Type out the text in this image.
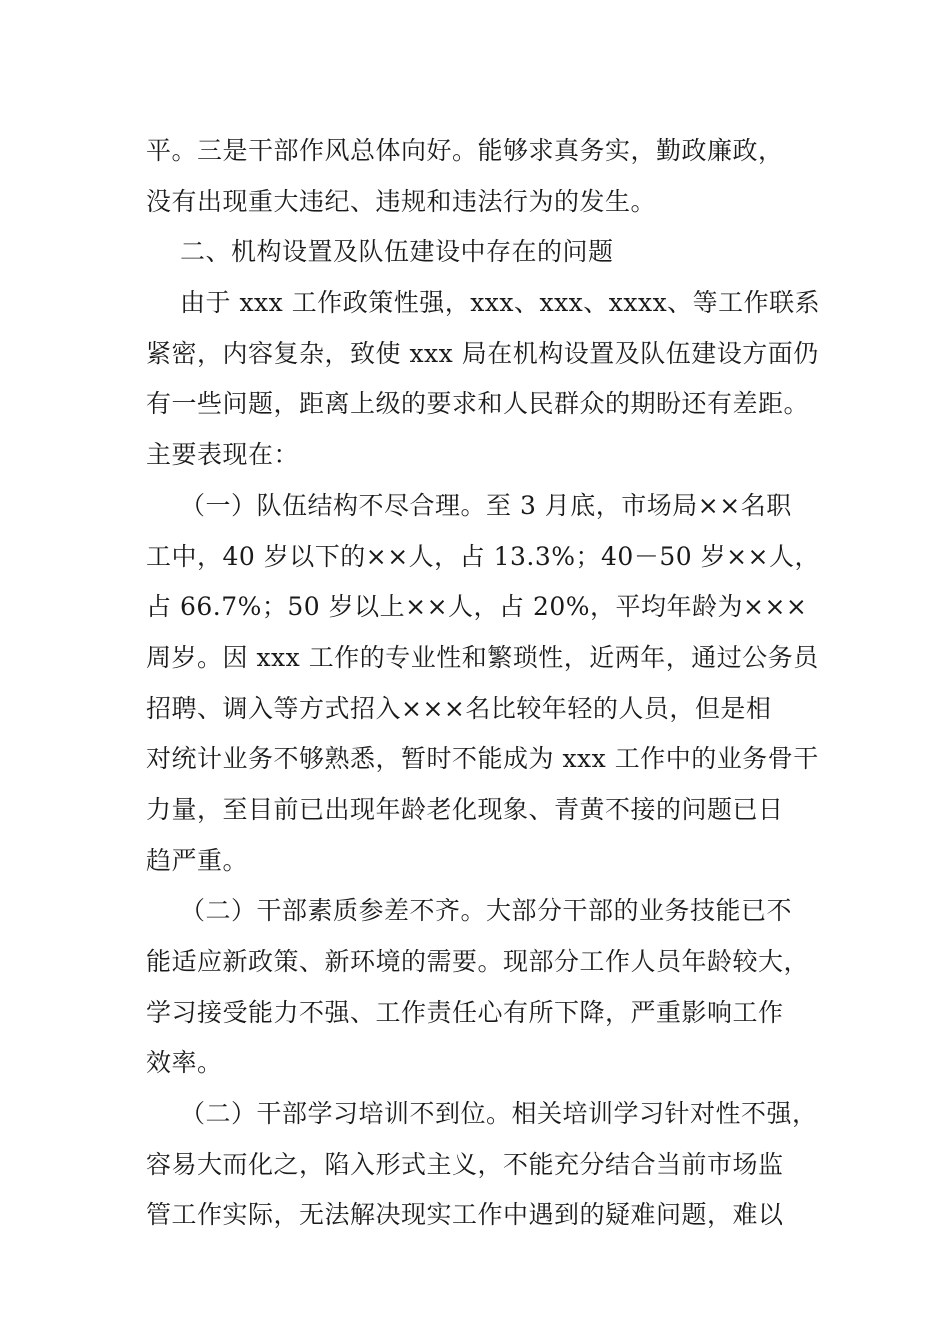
平。三是干部作风总体向好。能够求真务实，勤政廉政，

没有出现重大违纪、违规和违法行为的发生。

二、机构设置及队伍建设中存在的问题

由于 xxx 工作政策性强，xxx、xxx、xxxx、等工作联系

紧密，内容复杂，致使 xxx 局在机构设置及队伍建设方面仍

有一些问题，距离上级的要求和人民群众的期盼还有差距。

主要表现在：

（一）队伍结构不尽合理。至 3 月底，市场局××名职

工中，40 岁以下的××人，占 13.3%；40－50 岁××人，

占 66.7%；50 岁以上××人，占 20%，平均年龄为×××

周岁。因 xxx 工作的专业性和繁琐性，近两年，通过公务员

招聘、调入等方式招入×××名比较年轻的人员，但是相

对统计业务不够熟悉，暂时不能成为 xxx 工作中的业务骨干

力量，至目前已出现年龄老化现象、青黄不接的问题已日

趋严重。

（二）干部素质参差不齐。大部分干部的业务技能已不

能适应新政策、新环境的需要。现部分工作人员年龄较大，

学习接受能力不强、工作责任心有所下降，严重影响工作

效率。

（二）干部学习培训不到位。相关培训学习针对性不强，

容易大而化之，陷入形式主义，不能充分结合当前市场监

管工作实际，无法解决现实工作中遇到的疑难问题，难以
